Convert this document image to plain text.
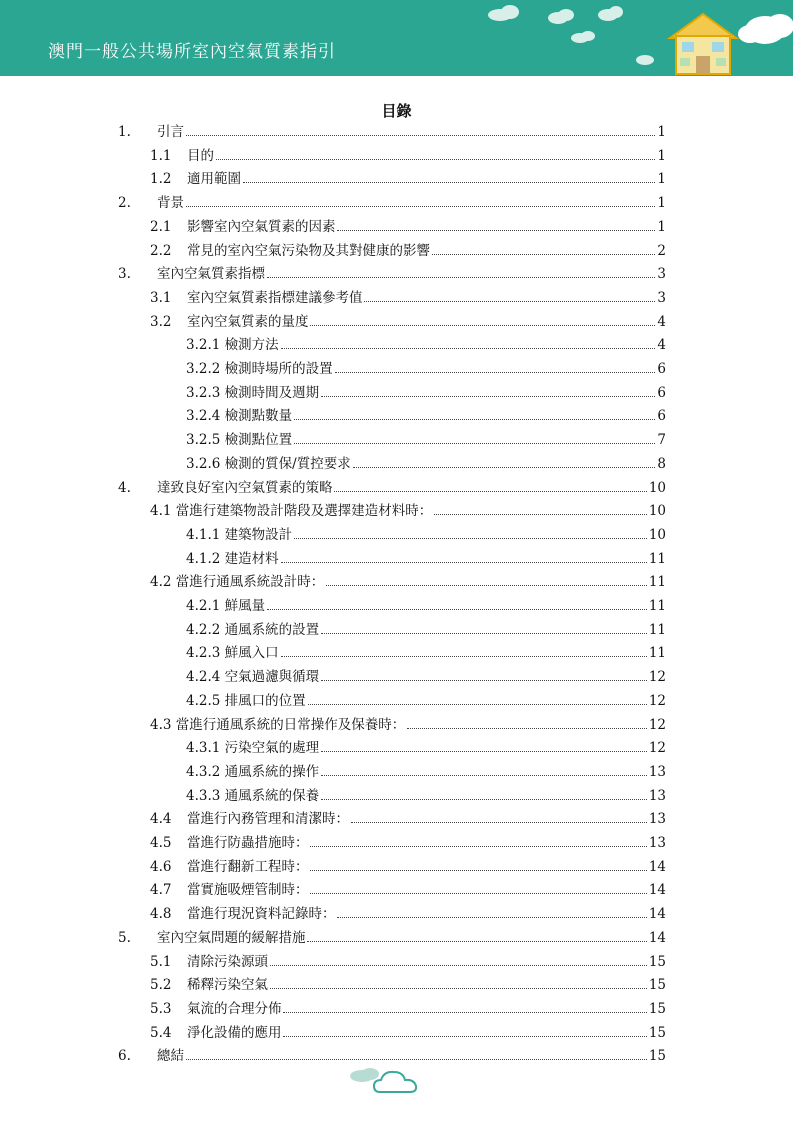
澳門一般公共場所室內空氣質素指引
目錄
1. 引言	1
1.1 目的	1
1.2 適用範圍	1
2. 背景	1
2.1 影響室內空氣質素的因素	1
2.2 常見的室內空氣污染物及其對健康的影響	2
3. 室內空氣質素指標	3
3.1 室內空氣質素指標建議參考值	3
3.2 室內空氣質素的量度	4
3.2.1 檢測方法	4
3.2.2 檢測時場所的設置	6
3.2.3 檢測時間及週期	6
3.2.4 檢測點數量	6
3.2.5 檢測點位置	7
3.2.6 檢測的質保/質控要求	8
4. 達致良好室內空氣質素的策略	10
4.1 當進行建築物設計階段及選擇建造材料時：	10
4.1.1 建築物設計	10
4.1.2 建造材料	11
4.2 當進行通風系統設計時：	11
4.2.1 鮮風量	11
4.2.2 通風系統的設置	11
4.2.3 鮮風入口	11
4.2.4 空氣過濾與循環	12
4.2.5 排風口的位置	12
4.3 當進行通風系統的日常操作及保養時：	12
4.3.1 污染空氣的處理	12
4.3.2 通風系統的操作	13
4.3.3 通風系統的保養	13
4.4 當進行內務管理和清潔時：	13
4.5 當進行防蟲措施時：	13
4.6 當進行翻新工程時：	14
4.7 當實施吸煙管制時：	14
4.8 當進行現況資料記錄時：	14
5. 室內空氣問題的緩解措施	14
5.1 清除污染源頭	15
5.2 稀釋污染空氣	15
5.3 氣流的合理分佈	15
5.4 淨化設備的應用	15
6. 總結	15
